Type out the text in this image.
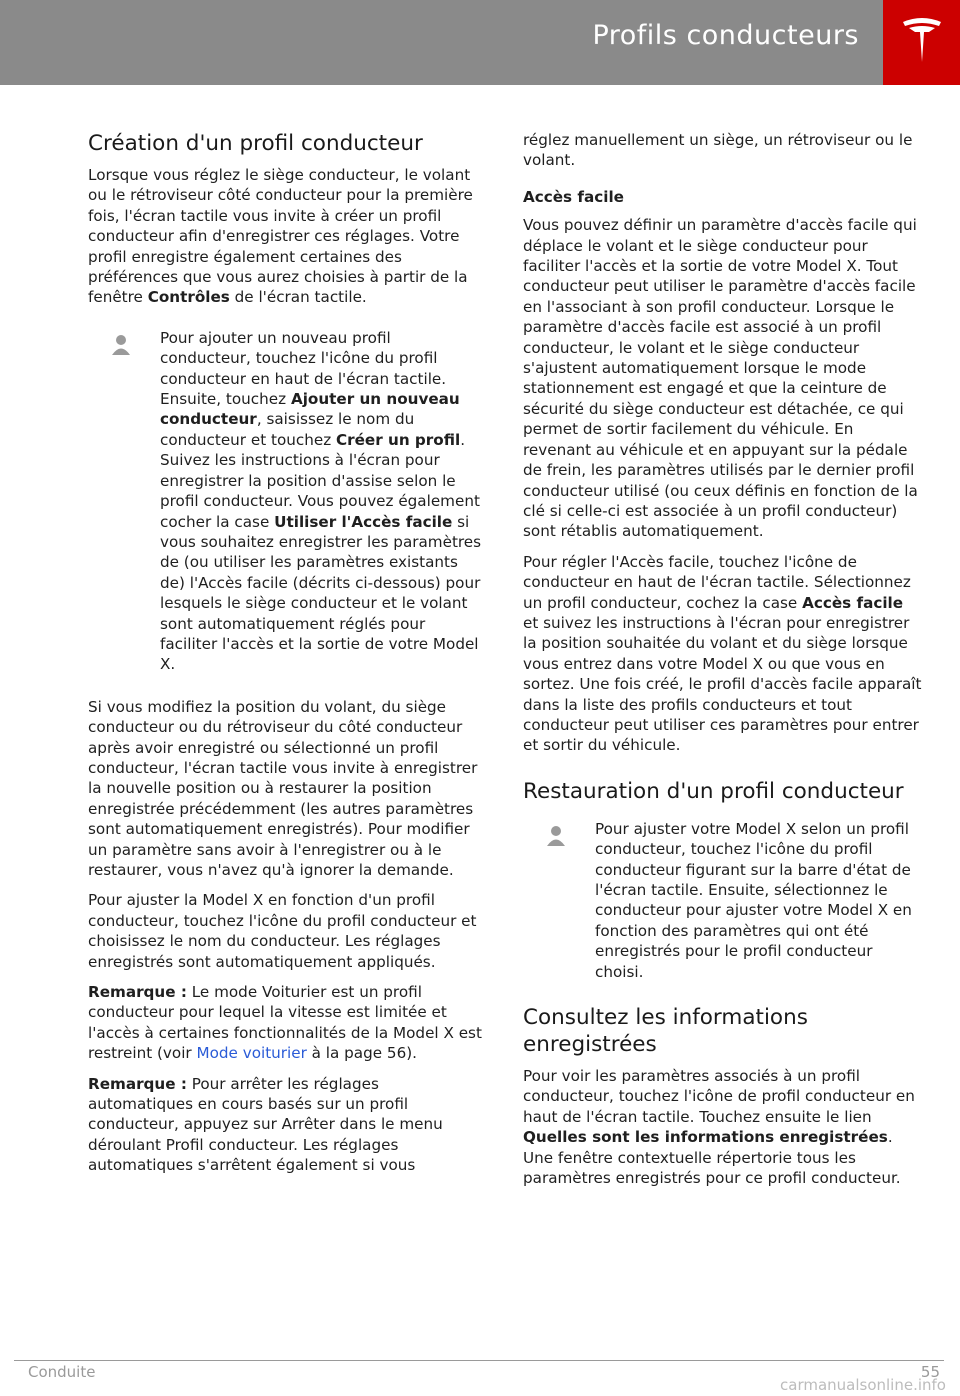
Profils conducteurs
Création d'un profil conducteur

Lorsque vous réglez le siège conducteur, le volant ou le rétroviseur côté conducteur pour la première fois, l'écran tactile vous invite à créer un profil conducteur afin d'enregistrer ces réglages. Votre profil enregistre également certaines des préférences que vous aurez choisies à partir de la fenêtre Contrôles de l'écran tactile.

Pour ajouter un nouveau profil conducteur, touchez l'icône du profil conducteur en haut de l'écran tactile. Ensuite, touchez Ajouter un nouveau conducteur, saisissez le nom du conducteur et touchez Créer un profil. Suivez les instructions à l'écran pour enregistrer la position d'assise selon le profil conducteur. Vous pouvez également cocher la case Utiliser l'Accès facile si vous souhaitez enregistrer les paramètres de (ou utiliser les paramètres existants de) l'Accès facile (décrits ci-dessous) pour lesquels le siège conducteur et le volant sont automatiquement réglés pour faciliter l'accès et la sortie de votre Model X.

Si vous modifiez la position du volant, du siège conducteur ou du rétroviseur du côté conducteur après avoir enregistré ou sélectionné un profil conducteur, l'écran tactile vous invite à enregistrer la nouvelle position ou à restaurer la position enregistrée précédemment (les autres paramètres sont automatiquement enregistrés). Pour modifier un paramètre sans avoir à l'enregistrer ou à le restaurer, vous n'avez qu'à ignorer la demande.

Pour ajuster la Model X en fonction d'un profil conducteur, touchez l'icône du profil conducteur et choisissez le nom du conducteur. Les réglages enregistrés sont automatiquement appliqués.

Remarque : Le mode Voiturier est un profil conducteur pour lequel la vitesse est limitée et l'accès à certaines fonctionnalités de la Model X est restreint (voir Mode voiturier à la page 56).

Remarque : Pour arrêter les réglages automatiques en cours basés sur un profil conducteur, appuyez sur Arrêter dans le menu déroulant Profil conducteur. Les réglages automatiques s'arrêtent également si vous

réglez manuellement un siège, un rétroviseur ou le volant.

Accès facile

Vous pouvez définir un paramètre d'accès facile qui déplace le volant et le siège conducteur pour faciliter l'accès et la sortie de votre Model X. Tout conducteur peut utiliser le paramètre d'accès facile en l'associant à son profil conducteur. Lorsque le paramètre d'accès facile est associé à un profil conducteur, le volant et le siège conducteur s'ajustent automatiquement lorsque le mode stationnement est engagé et que la ceinture de sécurité du siège conducteur est détachée, ce qui permet de sortir facilement du véhicule. En revenant au véhicule et en appuyant sur la pédale de frein, les paramètres utilisés par le dernier profil conducteur utilisé (ou ceux définis en fonction de la clé si celle-ci est associée à un profil conducteur) sont rétablis automatiquement.

Pour régler l'Accès facile, touchez l'icône de conducteur en haut de l'écran tactile. Sélectionnez un profil conducteur, cochez la case Accès facile et suivez les instructions à l'écran pour enregistrer la position souhaitée du volant et du siège lorsque vous entrez dans votre Model X ou que vous en sortez. Une fois créé, le profil d'accès facile apparaît dans la liste des profils conducteurs et tout conducteur peut utiliser ces paramètres pour entrer et sortir du véhicule.

Restauration d'un profil conducteur
Pour ajuster votre Model X selon un profil conducteur, touchez l'icône du profil conducteur figurant sur la barre d'état de l'écran tactile. Ensuite, sélectionnez le conducteur pour ajuster votre Model X en fonction des paramètres qui ont été enregistrés pour le profil conducteur choisi.
Consultez les informations enregistrées

Pour voir les paramètres associés à un profil conducteur, touchez l'icône de profil conducteur en haut de l'écran tactile. Touchez ensuite le lien Quelles sont les informations enregistrées. Une fenêtre contextuelle répertorie tous les paramètres enregistrés pour ce profil conducteur.

Conduite	55
carmanualsonline.info
